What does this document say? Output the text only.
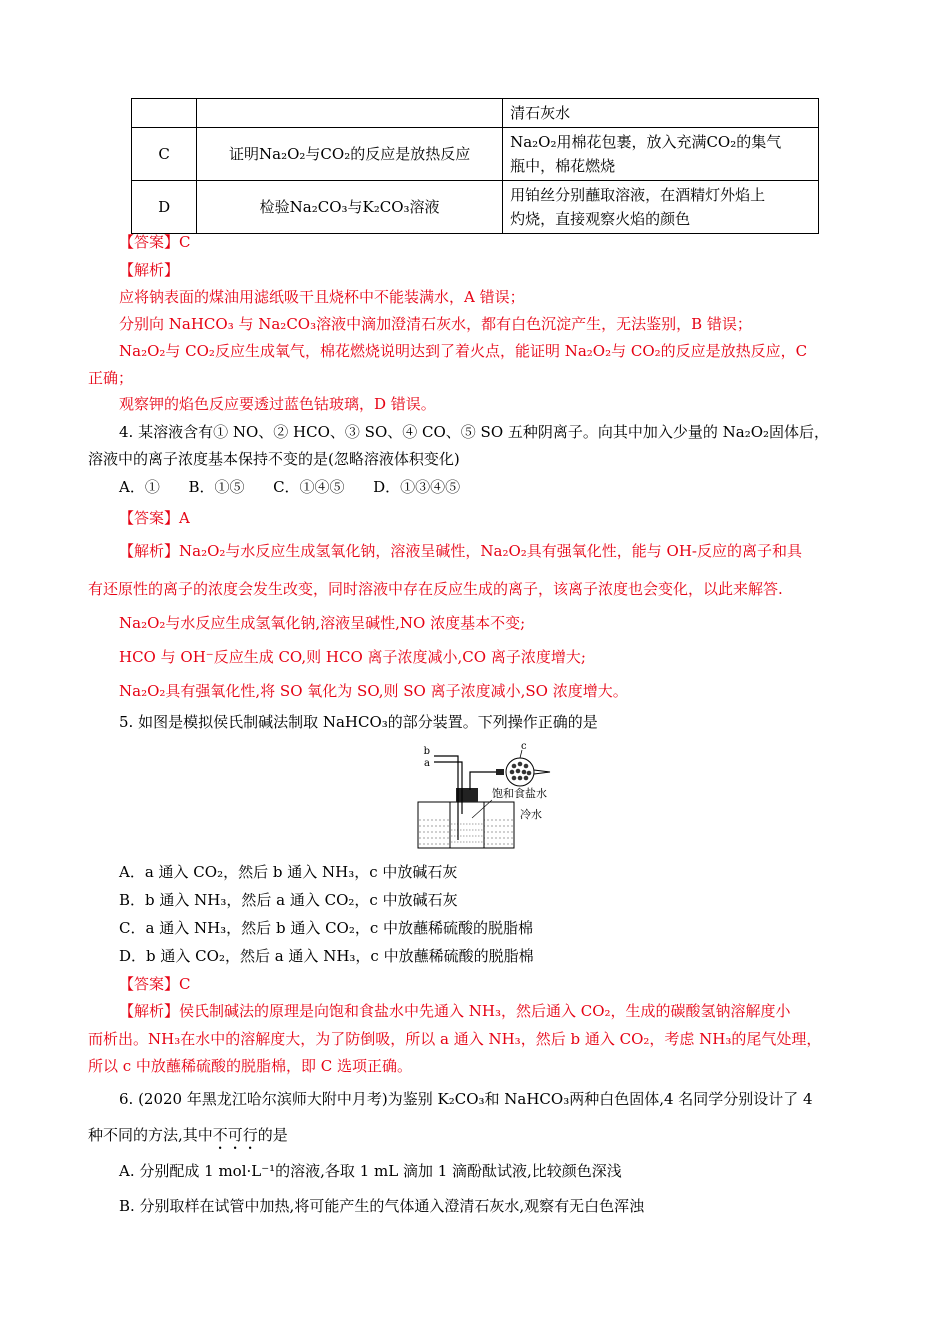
		清石灰水
C	证明Na₂O₂与CO₂的反应是放热反应	Na₂O₂用棉花包裹，放入充满CO₂的集气
瓶中，棉花燃烧

D	检验Na₂CO₃与K₂CO₃溶液	用铂丝分别蘸取溶液，在酒精灯外焰上
灼烧，直接观察火焰的颜色
【答案】C
【解析】
应将钠表面的煤油用滤纸吸干且烧杯中不能装满水，A 错误；
分别向 NaHCO₃ 与 Na₂CO₃溶液中滴加澄清石灰水，都有白色沉淀产生，无法鉴别，B 错误；
Na₂O₂与 CO₂反应生成氧气，棉花燃烧说明达到了着火点，能证明 Na₂O₂与 CO₂的反应是放热反应，C
正确；
观察钾的焰色反应要透过蓝色钴玻璃，D 错误。
4. 某溶液含有① NO、② HCO、③ SO、④ CO、⑤ SO 五种阴离子。向其中加入少量的 Na₂O₂固体后，
溶液中的离子浓度基本保持不变的是(忽略溶液体积变化)
A．①      B．①⑤      C．①④⑤      D．①③④⑤
【答案】A
【解析】Na₂O₂与水反应生成氢氧化钠，溶液呈碱性，Na₂O₂具有强氧化性，能与 OH-反应的离子和具
有还原性的离子的浓度会发生改变，同时溶液中存在反应生成的离子，该离子浓度也会变化，以此来解答.
Na₂O₂与水反应生成氢氧化钠,溶液呈碱性,NO 浓度基本不变;
HCO 与 OH⁻反应生成 CO,则 HCO 离子浓度减小,CO 离子浓度增大;
Na₂O₂具有强氧化性,将 SO 氧化为 SO,则 SO 离子浓度减小,SO 浓度增大。
5. 如图是模拟侯氏制碱法制取 NaHCO₃的部分装置。下列操作正确的是
b
a
c
饱和食盐水
冷水
A．a 通入 CO₂，然后 b 通入 NH₃，c 中放碱石灰
B．b 通入 NH₃，然后 a 通入 CO₂，c 中放碱石灰
C．a 通入 NH₃，然后 b 通入 CO₂，c 中放蘸稀硫酸的脱脂棉
D．b 通入 CO₂，然后 a 通入 NH₃，c 中放蘸稀硫酸的脱脂棉
【答案】C
【解析】侯氏制碱法的原理是向饱和食盐水中先通入 NH₃，然后通入 CO₂，生成的碳酸氢钠溶解度小
而析出。NH₃在水中的溶解度大，为了防倒吸，所以 a 通入 NH₃，然后 b 通入 CO₂，考虑 NH₃的尾气处理，
所以 c 中放蘸稀硫酸的脱脂棉，即 C 选项正确。
6. (2020 年黑龙江哈尔滨师大附中月考)为鉴别 K₂CO₃和 NaHCO₃两种白色固体,4 名同学分别设计了 4
种不同的方法,其中不可行的是
A. 分别配成 1 mol·L⁻¹的溶液,各取 1 mL 滴加 1 滴酚酞试液,比较颜色深浅
B. 分别取样在试管中加热,将可能产生的气体通入澄清石灰水,观察有无白色浑浊
